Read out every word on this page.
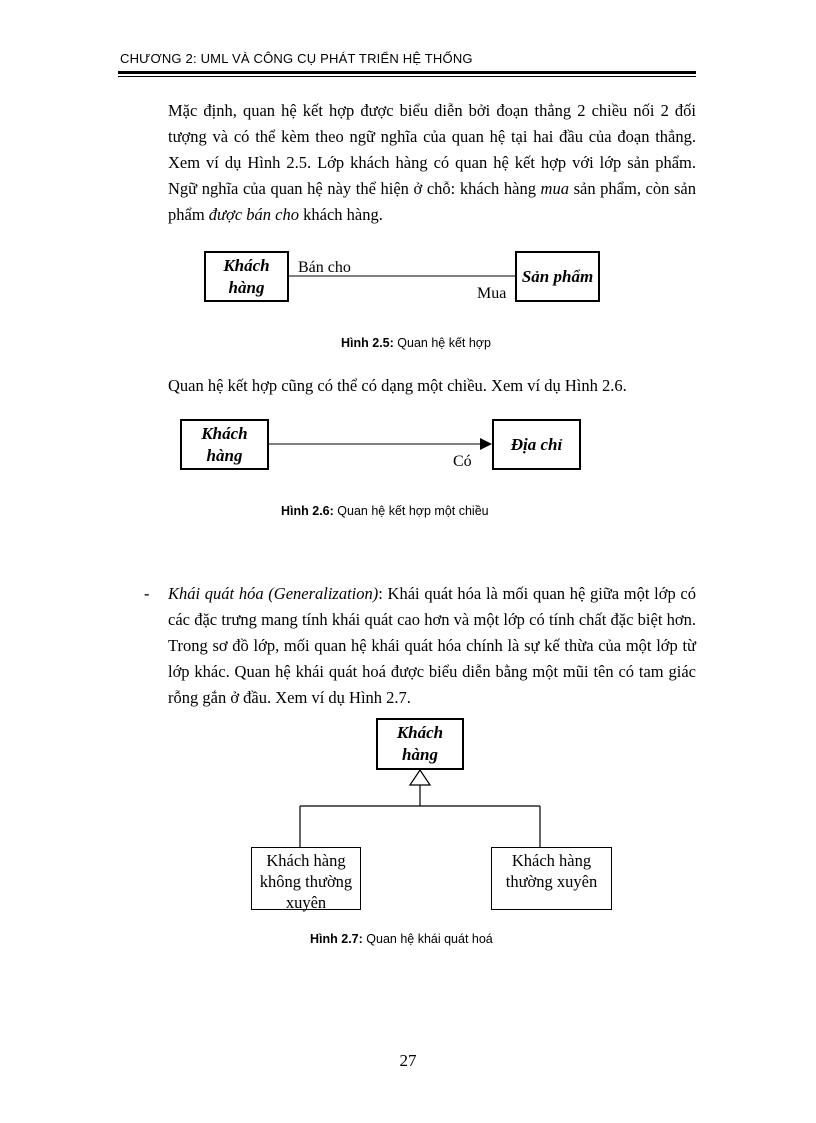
CHƯƠNG 2: UML VÀ CÔNG CỤ PHÁT TRIỂN HỆ THỐNG
Mặc định, quan hệ kết hợp được biểu diễn bởi đoạn thẳng 2 chiều nối 2 đối tượng và có thể kèm theo ngữ nghĩa của quan hệ tại hai đầu của đoạn thẳng. Xem ví dụ Hình 2.5. Lớp khách hàng có quan hệ kết hợp với lớp sản phẩm. Ngữ nghĩa của quan hệ này thể hiện ở chỗ: khách hàng mua sản phẩm, còn sản phẩm được bán cho khách hàng.
Khách hàng
Sản phẩm
Bán cho
Mua
Hình 2.5: Quan hệ kết hợp
Quan hệ kết hợp cũng có thể có dạng một chiều. Xem ví dụ Hình 2.6.
Khách hàng
Địa chỉ
Có
Hình 2.6: Quan hệ kết hợp một chiều
- Khái quát hóa (Generalization): Khái quát hóa là mối quan hệ giữa một lớp có các đặc trưng mang tính khái quát cao hơn và một lớp có tính chất đặc biệt hơn. Trong sơ đồ lớp, mối quan hệ khái quát hóa chính là sự kế thừa của một lớp từ lớp khác. Quan hệ khái quát hoá được biểu diễn bằng một mũi tên có tam giác rỗng gắn ở đầu. Xem ví dụ Hình 2.7.
Khách hàng
Khách hàng không thường xuyên
Khách hàng thường xuyên
Hình 2.7: Quan hệ khái quát hoá
27
